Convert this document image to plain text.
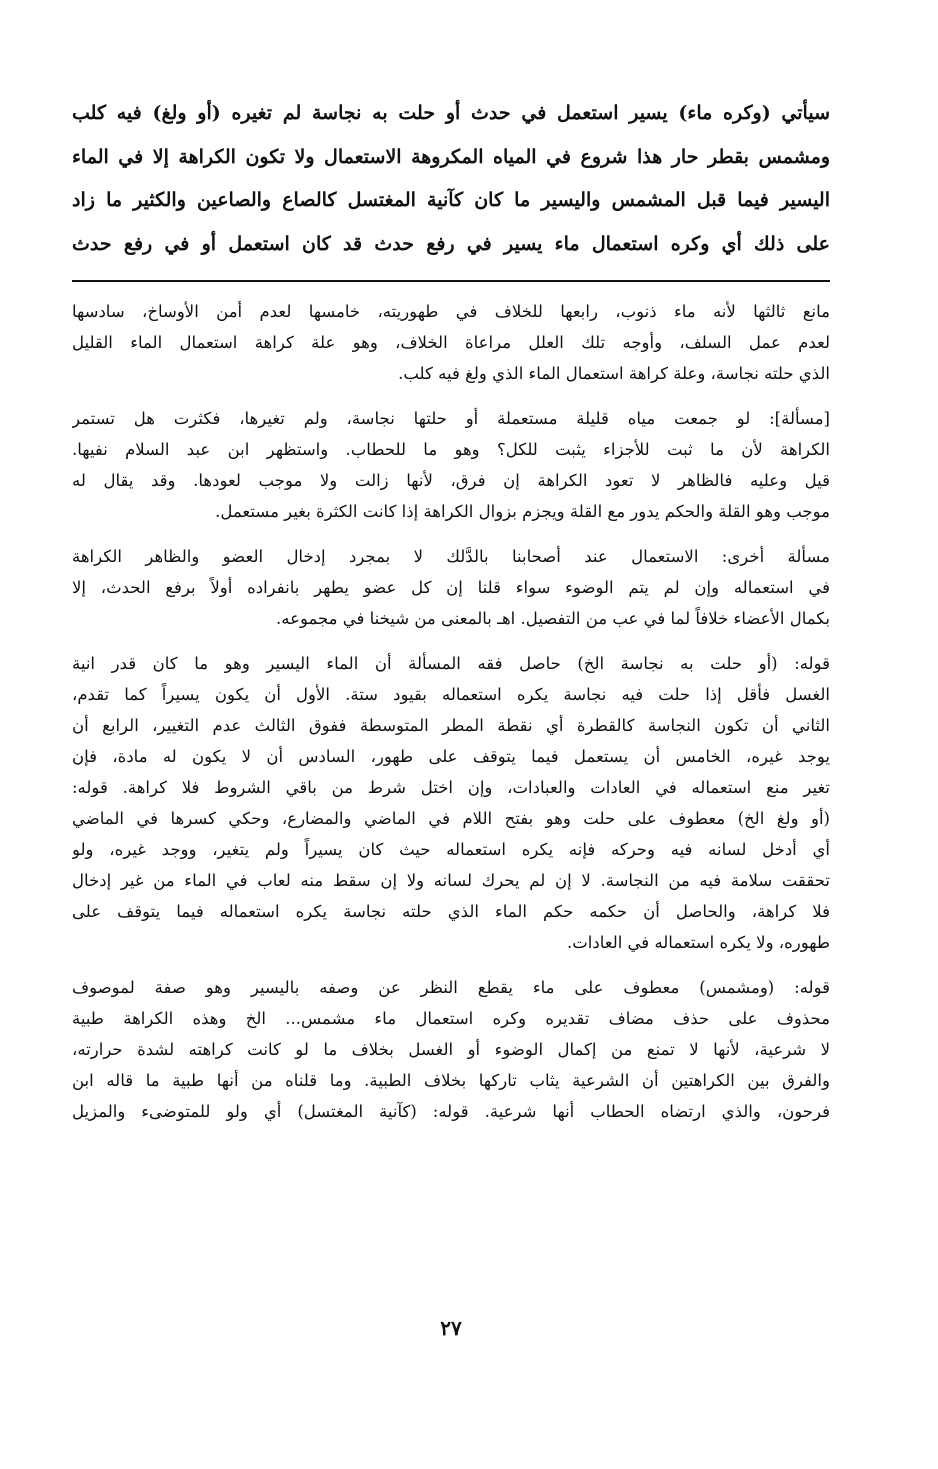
سيأتي (وكره ماء) يسير استعمل في حدث أو حلت به نجاسة لم تغيره (أو ولغ) فيه كلب
ومشمس بقطر حار هذا شروع في المياه المكروهة الاستعمال ولا تكون الكراهة إلا في الماء
اليسير فيما قبل المشمس واليسير ما كان كآنية المغتسل كالصاع والصاعين والكثير ما زاد
على ذلك أي وكره استعمال ماء يسير في رفع حدث قد كان استعمل أو في رفع حدث
مانع ثالثها لأنه ماء ذنوب، رابعها للخلاف في طهوريته، خامسها لعدم أمن الأوساخ، سادسها
لعدم عمل السلف، وأوجه تلك العلل مراعاة الخلاف، وهو علة كراهة استعمال الماء القليل
الذي حلته نجاسة، وعلة كراهة استعمال الماء الذي ولغ فيه كلب.
[مسألة]: لو جمعت مياه قليلة مستعملة أو حلتها نجاسة، ولم تغيرها، فكثرت هل تستمر
الكراهة لأن ما ثبت للأجزاء يثبت للكل؟ وهو ما للحطاب. واستظهر ابن عبد السلام نفيها.
قيل وعليه فالظاهر لا تعود الكراهة إن فرق، لأنها زالت ولا موجب لعودها. وقد يقال له
موجب وهو القلة والحكم يدور مع القلة ويجزم بزوال الكراهة إذا كانت الكثرة بغير مستعمل.
مسألة أخرى: الاستعمال عند أصحابنا بالدَّلك لا بمجرد إدخال العضو والظاهر الكراهة
في استعماله وإن لم يتم الوضوء سواء قلنا إن كل عضو يطهر بانفراده أولاً برفع الحدث، إلا
بكمال الأعضاء خلافاً لما في عب من التفصيل. اهـ بالمعنى من شيخنا في مجموعه.
قوله: (أو حلت به نجاسة الخ) حاصل فقه المسألة أن الماء اليسير وهو ما كان قدر انية
الغسل فأقل إذا حلت فيه نجاسة يكره استعماله بقيود ستة. الأول أن يكون يسيراً كما تقدم،
الثاني أن تكون النجاسة كالقطرة أي نقطة المطر المتوسطة ففوق الثالث عدم التغيير، الرابع أن
يوجد غيره، الخامس أن يستعمل فيما يتوقف على طهور، السادس أن لا يكون له مادة، فإن
تغير منع استعماله في العادات والعبادات، وإن اختل شرط من باقي الشروط فلا كراهة. قوله:
(أو ولغ الخ) معطوف على حلت وهو بفتح اللام في الماضي والمضارع، وحكي كسرها في الماضي
أي أدخل لسانه فيه وحركه فإنه يكره استعماله حيث كان يسيراً ولم يتغير، ووجد غيره، ولو
تحققت سلامة فيه من النجاسة. لا إن لم يحرك لسانه ولا إن سقط منه لعاب في الماء من غير إدخال
فلا كراهة، والحاصل أن حكمه حكم الماء الذي حلته نجاسة يكره استعماله فيما يتوقف على
طهوره، ولا يكره استعماله في العادات.
قوله: (ومشمس) معطوف على ماء يقطع النظر عن وصفه باليسير وهو صفة لموصوف
محذوف على حذف مضاف تقديره وكره استعمال ماء مشمس... الخ وهذه الكراهة طبية
لا شرعية، لأنها لا تمنع من إكمال الوضوء أو الغسل بخلاف ما لو كانت كراهته لشدة حرارته،
والفرق بين الكراهتين أن الشرعية يثاب تاركها بخلاف الطبية. وما قلناه من أنها طبية ما قاله ابن
فرحون، والذي ارتضاه الحطاب أنها شرعية. قوله: (كآنية المغتسل) أي ولو للمتوضىء والمزيل
٢٧
